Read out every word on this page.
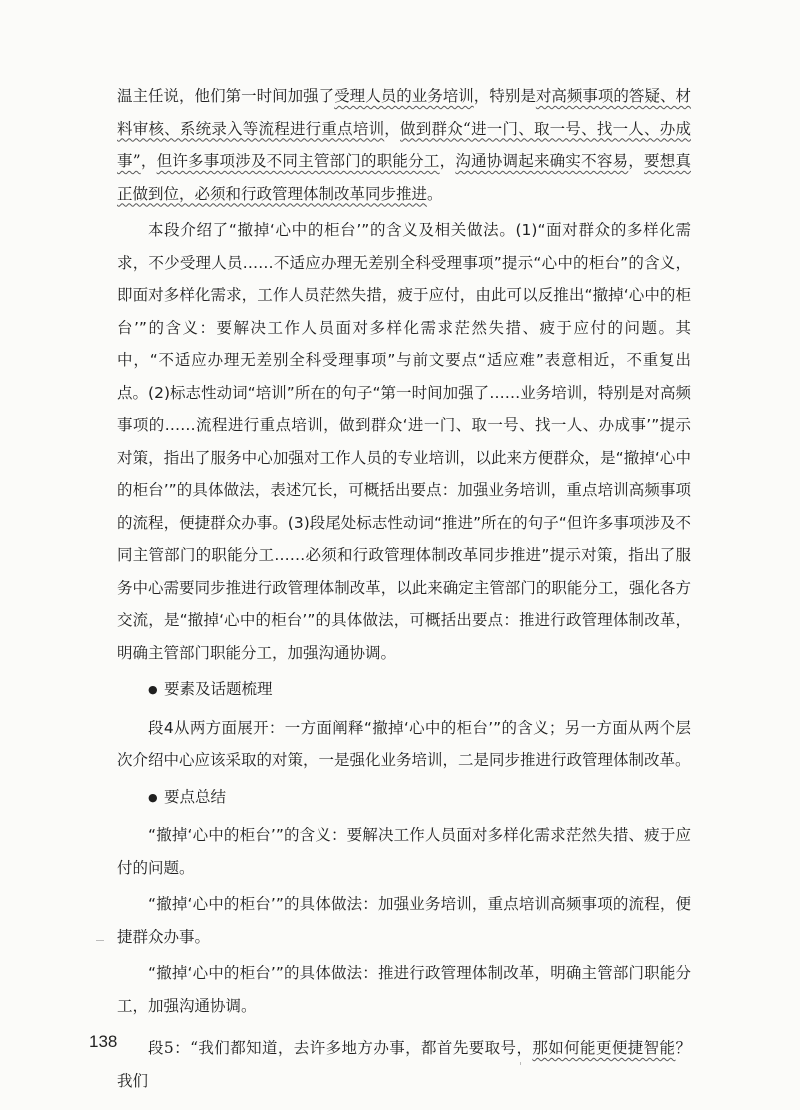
温主任说，他们第一时间加强了受理人员的业务培训，特别是对高频事项的答疑、材料审核、系统录入等流程进行重点培训，做到群众“进一门、取一号、找一人、办成事”，但许多事项涉及不同主管部门的职能分工，沟通协调起来确实不容易，要想真正做到位，必须和行政管理体制改革同步推进。

本段介绍了“撤掉‘心中的柜台’”的含义及相关做法。(1)“面对群众的多样化需求，不少受理人员……不适应办理无差别全科受理事项”提示“心中的柜台”的含义，即面对多样化需求，工作人员茫然失措，疲于应付，由此可以反推出“撤掉‘心中的柜台’”的含义：要解决工作人员面对多样化需求茫然失措、疲于应付的问题。其中，“不适应办理无差别全科受理事项”与前文要点“适应难”表意相近，不重复出点。(2)标志性动词“培训”所在的句子“第一时间加强了……业务培训，特别是对高频事项的……流程进行重点培训，做到群众‘进一门、取一号、找一人、办成事’”提示对策，指出了服务中心加强对工作人员的专业培训，以此来方便群众，是“撤掉‘心中的柜台’”的具体做法，表述冗长，可概括出要点：加强业务培训，重点培训高频事项的流程，便捷群众办事。(3)段尾处标志性动词“推进”所在的句子“但许多事项涉及不同主管部门的职能分工……必须和行政管理体制改革同步推进”提示对策，指出了服务中心需要同步推进行政管理体制改革，以此来确定主管部门的职能分工，强化各方交流，是“撤掉‘心中的柜台’”的具体做法，可概括出要点：推进行政管理体制改革，明确主管部门职能分工，加强沟通协调。

● 要素及话题梳理

段4从两方面展开：一方面阐释“撤掉‘心中的柜台’”的含义；另一方面从两个层次介绍中心应该采取的对策，一是强化业务培训，二是同步推进行政管理体制改革。

● 要点总结

“撤掉‘心中的柜台’”的含义：要解决工作人员面对多样化需求茫然失措、疲于应付的问题。

“撤掉‘心中的柜台’”的具体做法：加强业务培训，重点培训高频事项的流程，便捷群众办事。

“撤掉‘心中的柜台’”的具体做法：推进行政管理体制改革，明确主管部门职能分工，加强沟通协调。

段5：“我们都知道，去许多地方办事，都首先要取号，那如何能更便捷智能？我们

138
